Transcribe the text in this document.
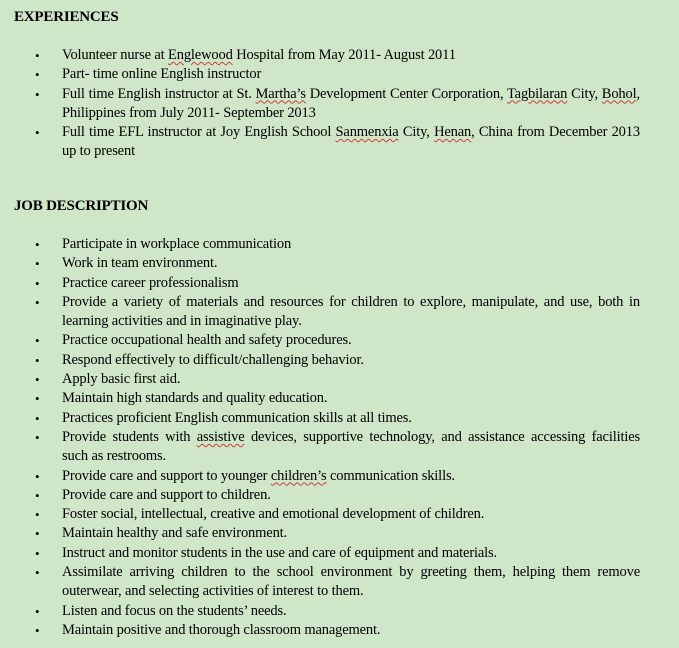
EXPERIENCES
• Volunteer nurse at Englewood Hospital from May 2011- August 2011
• Part- time online English instructor
• Full time English instructor at St. Martha’s Development Center Corporation, Tagbilaran City, Bohol, Philippines from July 2011- September 2013
• Full time EFL instructor at Joy English School Sanmenxia City, Henan, China from December 2013 up to present
JOB DESCRIPTION
• Participate in workplace communication
• Work in team environment.
• Practice career professionalism
• Provide a variety of materials and resources for children to explore, manipulate, and use, both in learning activities and in imaginative play.
• Practice occupational health and safety procedures.
• Respond effectively to difficult/challenging behavior.
• Apply basic first aid.
• Maintain high standards and quality education.
• Practices proficient English communication skills at all times.
• Provide students with assistive devices, supportive technology, and assistance accessing facilities such as restrooms.
• Provide care and support to younger children’s communication skills.
• Provide care and support to children.
• Foster social, intellectual, creative and emotional development of children.
• Maintain healthy and safe environment.
• Instruct and monitor students in the use and care of equipment and materials.
• Assimilate arriving children to the school environment by greeting them, helping them remove outerwear, and selecting activities of interest to them.
• Listen and focus on the students’ needs.
• Maintain positive and thorough classroom management.
